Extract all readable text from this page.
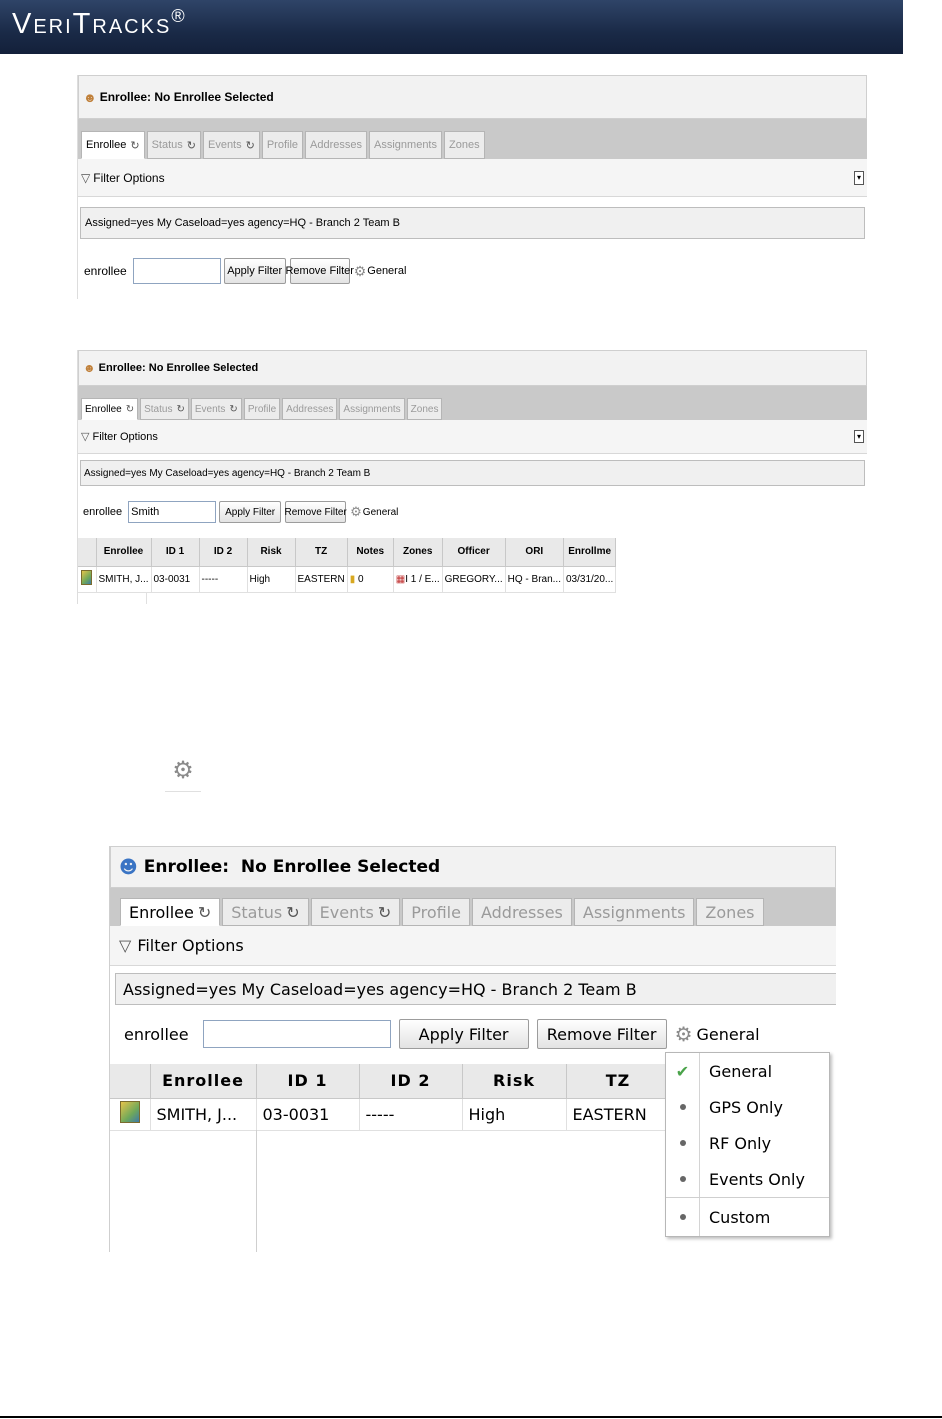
VeriTracks®
☻ Enrollee: No Enrollee Selected
Enrollee ↻ Status ↻ Events ↻ Profile Addresses Assignments Zones
▽ Filter Options	▾
Assigned=yes My Caseload=yes agency=HQ - Branch 2 Team B
enrollee	Apply Filter Remove Filter ⚙ General
☻ Enrollee: No Enrollee Selected
Enrollee ↻ Status ↻ Events ↻ Profile Addresses Assignments Zones
▽ Filter Options	▾
Assigned=yes My Caseload=yes agency=HQ - Branch 2 Team B
enrollee
Smith	Apply Filter Remove Filter ⚙ General
	Enrollee	ID 1	ID 2	Risk	TZ	Notes	Zones	Officer	ORI	Enrollme
	SMITH, J...	03-0031	-----	High	EASTERN	▮ 0	▦I 1 / E...	GREGORY...	HQ - Bran...	03/31/20...
⚙
☻ Enrollee: No Enrollee Selected
Enrollee ↻ Status ↻ Events ↻ Profile Addresses Assignments Zones
▽ Filter Options
Assigned=yes My Caseload=yes agency=HQ - Branch 2 Team B
enrollee	Apply Filter	Remove Filter ⚙ General
	Enrollee	ID 1	ID 2	Risk	TZ
	SMITH, J...	03-0031	-----	High	EASTERN
✔	General
GPS Only
RF Only
Events Only
Custom
